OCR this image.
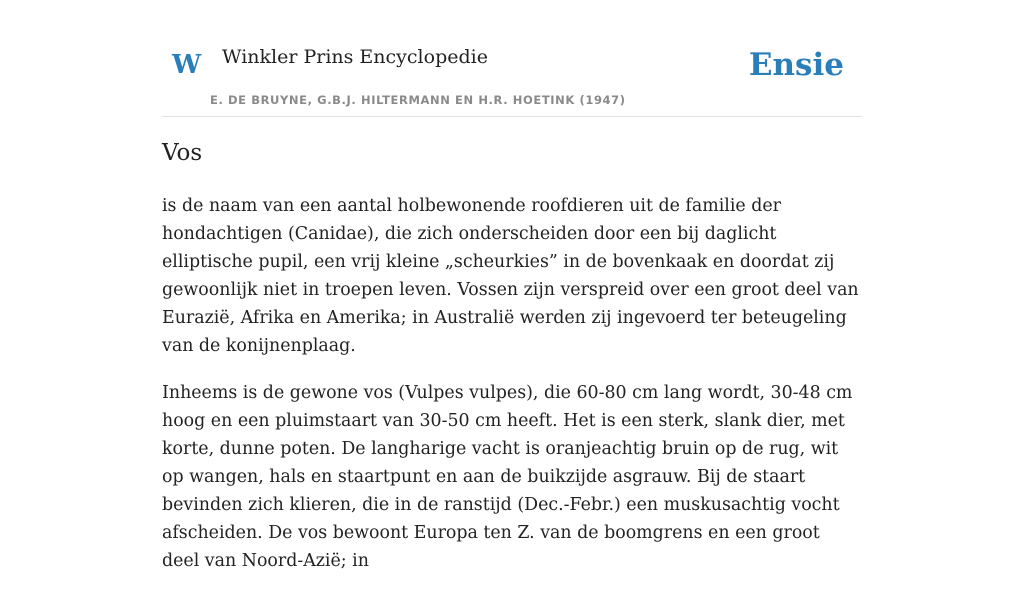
W Winkler Prins Encyclopedie
E. DE BRUYNE, G.B.J. HILTERMANN EN H.R. HOETINK (1947)
Ensie
Vos

is de naam van een aantal holbewonende roofdieren uit de familie der hondachtigen (Canidae), die zich onderscheiden door een bij daglicht elliptische pupil, een vrij kleine „scheurkies” in de bovenkaak en doordat zij gewoonlijk niet in troepen leven. Vossen zijn verspreid over een groot deel van Eurazië, Afrika en Amerika; in Australië werden zij ingevoerd ter beteugeling van de konijnenplaag.

Inheems is de gewone vos (Vulpes vulpes), die 60-80 cm lang wordt, 30-48 cm hoog en een pluimstaart van 30-50 cm heeft. Het is een sterk, slank dier, met korte, dunne poten. De langharige vacht is oranjeachtig bruin op de rug, wit op wangen, hals en staartpunt en aan de buikzijde asgrauw. Bij de staart bevinden zich klieren, die in de ranstijd (Dec.-Febr.) een muskusachtig vocht afscheiden. De vos bewoont Europa ten Z. van de boomgrens en een groot deel van Noord-Azië; in
